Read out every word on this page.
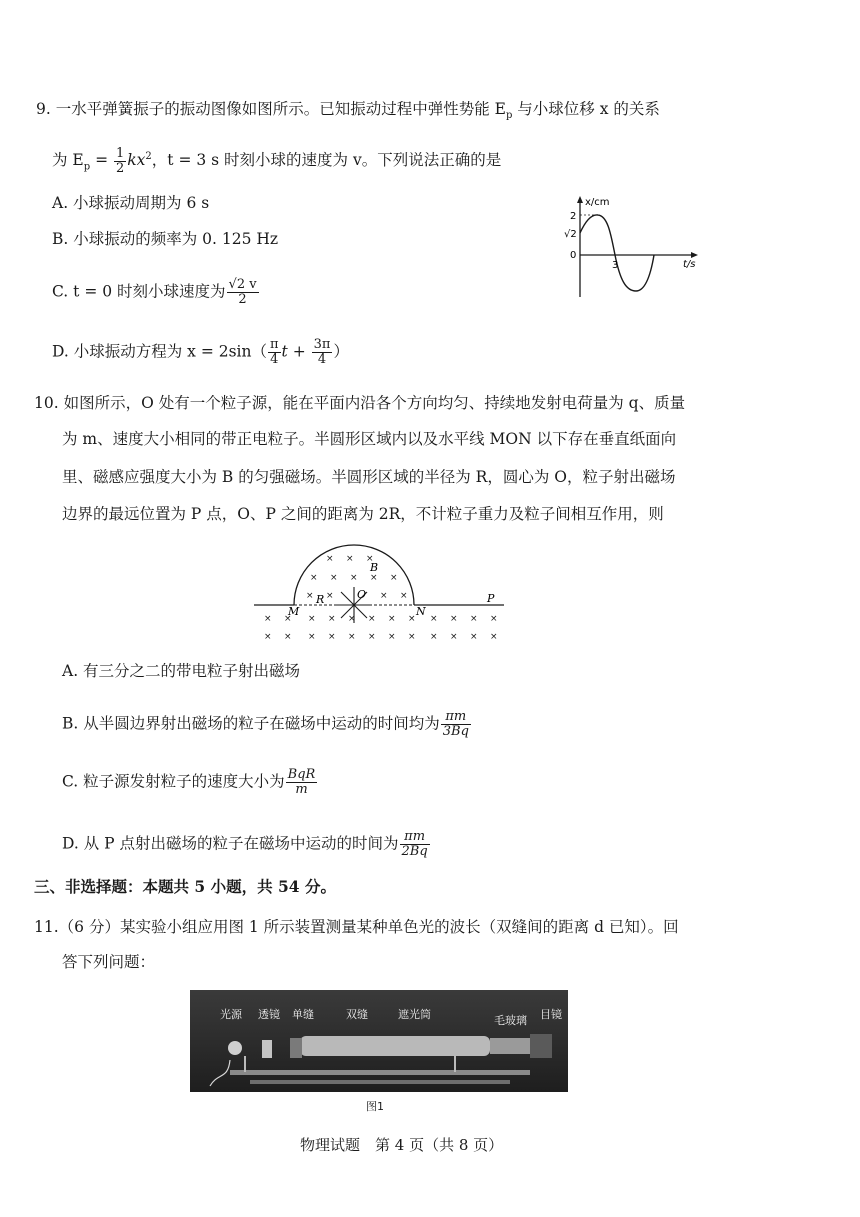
9. 一水平弹簧振子的振动图像如图所示。已知振动过程中弹性势能 $E_p$ 与小球位移 x 的关系
为 $E_p = \frac{1}{2} kx^2$，t = 3 s 时刻小球的速度为 v。下列说法正确的是
A. 小球振动周期为 6 s
B. 小球振动的频率为 0. 125 Hz
C. t = 0 时刻小球速度为 $\frac{√2 v}{2}$
D. 小球振动方程为 $x = 2\sin( \frac{\pi}{4}$ $t + \frac{3\pi}{4}$ ）
x/cm
t/s
2
√2
0
3
10. 如图所示，O 处有一个粒子源，能在平面内沿各个方向均匀、持续地发射电荷量为 q、质量
为 m、速度大小相同的带正电粒子。半圆形区域内以及水平线 MON 以下存在垂直纸面向
里、磁感应强度大小为 B 的匀强磁场。半圆形区域的半径为 R，圆心为 O，粒子射出磁场
边界的最远位置为 P 点，O、P 之间的距离为 2R，不计粒子重力及粒子间相互作用，则
× × ×
× × × × ×
× ×	× ×
× × × × × × × × × × × ×
× × × × × × × × × × × ×
B
M
R	O
N
P
A. 有三分之二的带电粒子射出磁场
B. 从半圆边界射出磁场的粒子在磁场中运动的时间均为 $\frac{\pi m}{3Bq}$
C. 粒子源发射粒子的速度大小为 $\frac{\text{BqR}}{m}$
D. 从 P 点射出磁场的粒子在磁场中运动的时间为 $\frac{\pi m}{2Bq}$
三、非选择题：本题共 5 小题，共 54 分。
11.（6 分）某实验小组应用图 1 所示装置测量某种单色光的波长（双缝间的距离 d 已知）。回
答下列问题：
光源 透镜 单缝	双缝	遮光筒	毛玻璃 目镜
图1
物理试题　第 4 页（共 8 页）
